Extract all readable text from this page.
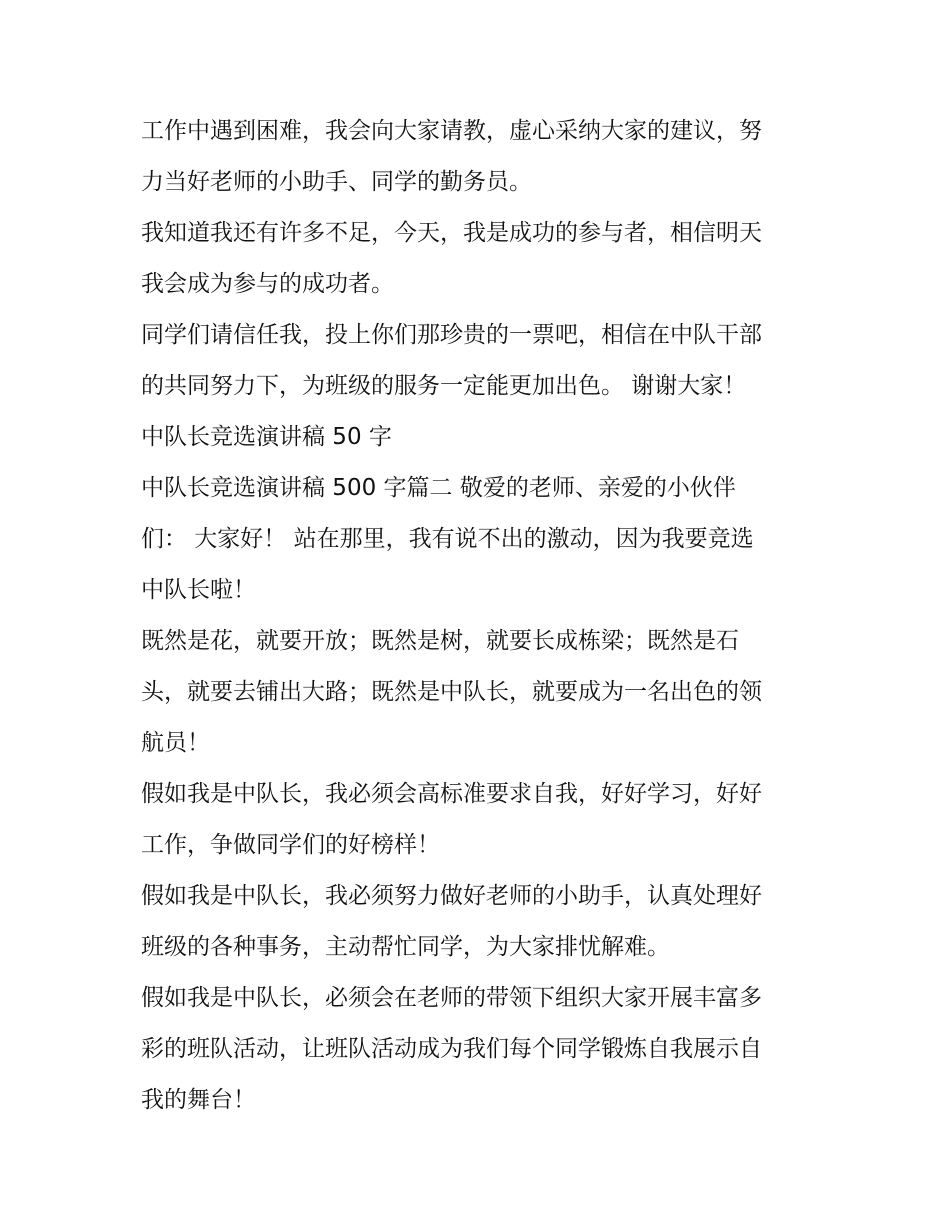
工作中遇到困难，我会向大家请教，虚心采纳大家的建议，努
力当好老师的小助手、同学的勤务员。
我知道我还有许多不足，今天，我是成功的参与者，相信明天
我会成为参与的成功者。
同学们请信任我，投上你们那珍贵的一票吧，相信在中队干部
的共同努力下，为班级的服务一定能更加出色。 谢谢大家！
中队长竞选演讲稿 50 字
中队长竞选演讲稿 500 字篇二 敬爱的老师、亲爱的小伙伴
们： 大家好！ 站在那里，我有说不出的激动，因为我要竞选
中队长啦！
既然是花，就要开放；既然是树，就要长成栋梁；既然是石
头，就要去铺出大路；既然是中队长，就要成为一名出色的领
航员！
假如我是中队长，我必须会高标准要求自我，好好学习，好好
工作，争做同学们的好榜样！
假如我是中队长，我必须努力做好老师的小助手，认真处理好
班级的各种事务，主动帮忙同学，为大家排忧解难。
假如我是中队长，必须会在老师的带领下组织大家开展丰富多
彩的班队活动，让班队活动成为我们每个同学锻炼自我展示自
我的舞台！
